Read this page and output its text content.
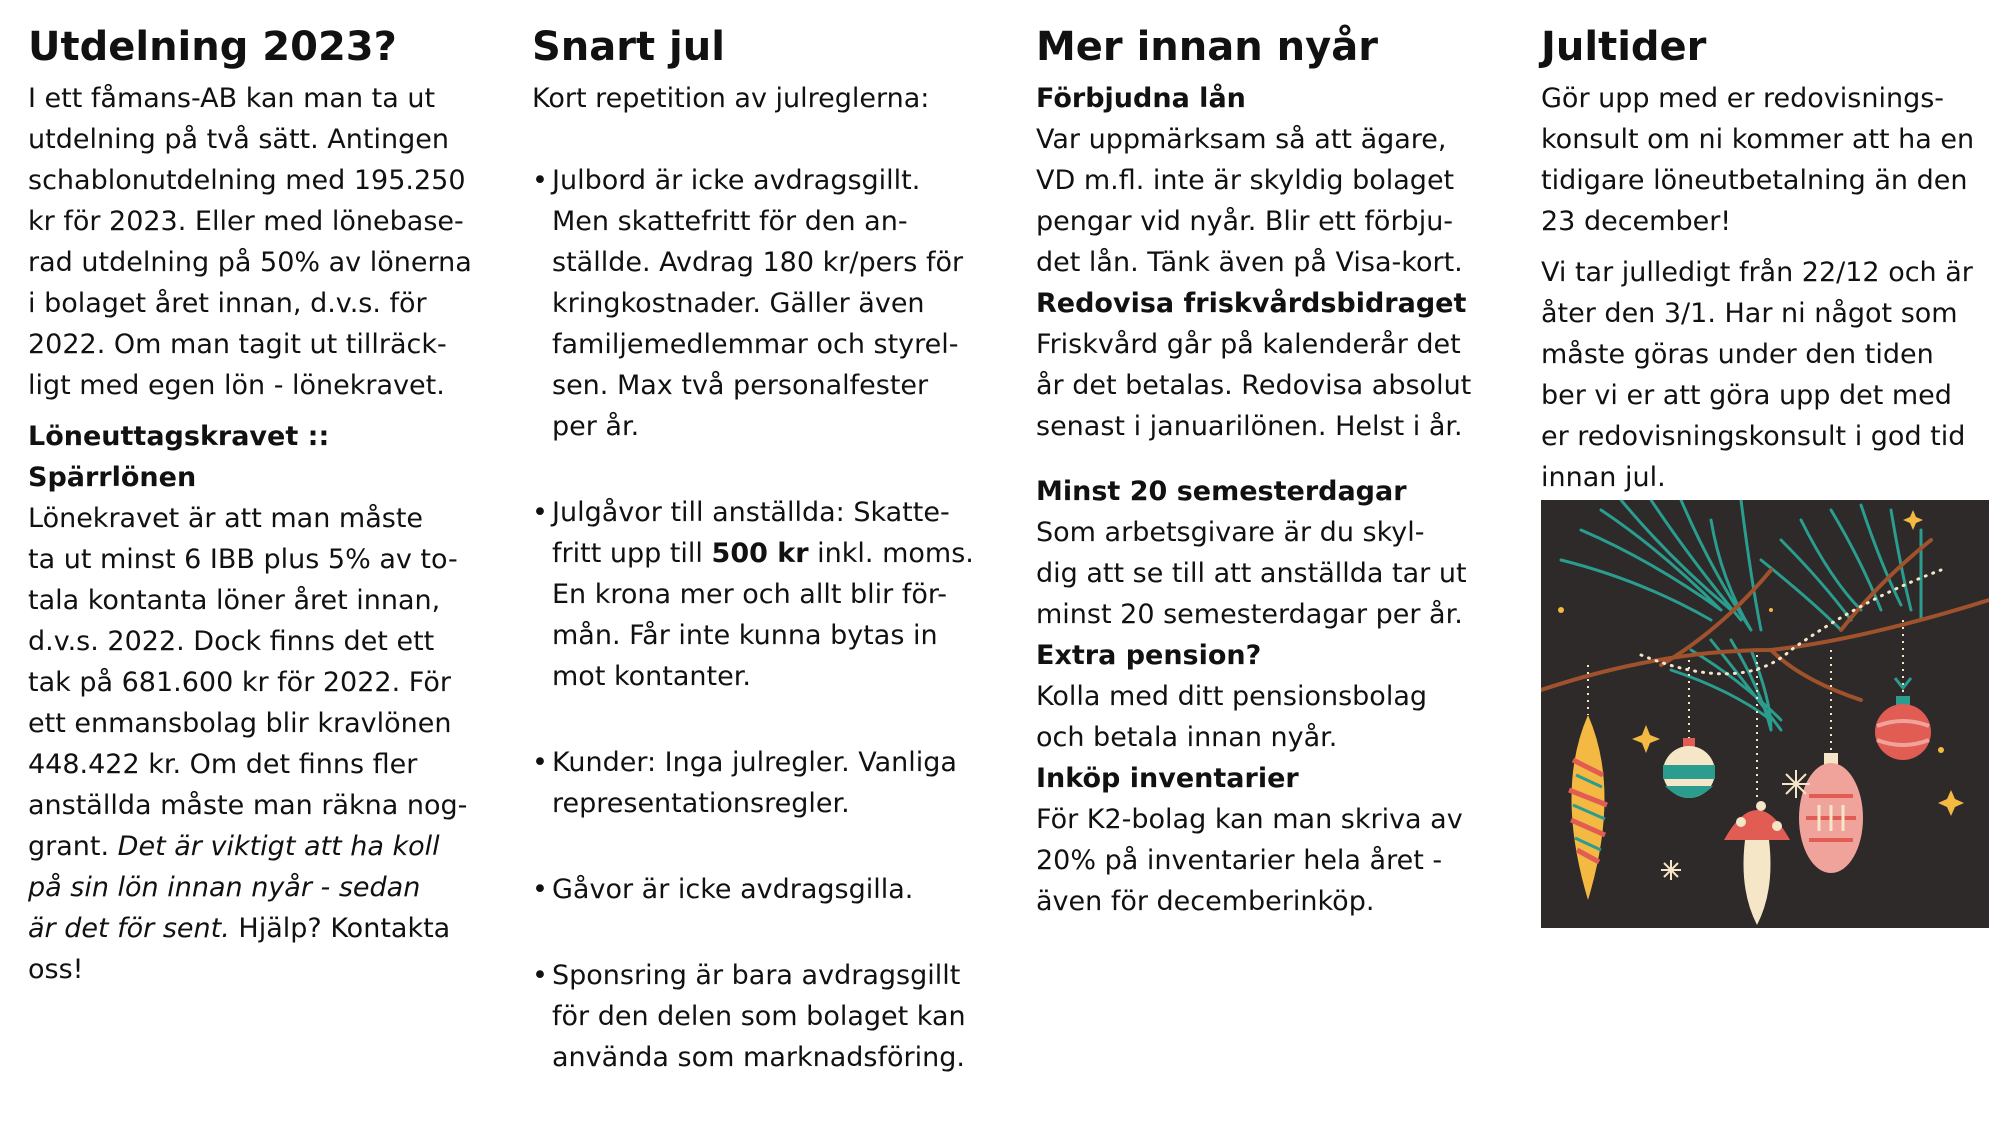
Utdelning 2023?

I ett fåmans-AB kan man ta ut
utdelning på två sätt. Antingen
schablonutdelning med 195.250
kr för 2023. Eller med lönebase-
rad utdelning på 50% av lönerna
i bolaget året innan, d.v.s. för
2022. Om man tagit ut tillräck-
ligt med egen lön - lönekravet.

Löneuttagskravet :: Spärrlönen

Lönekravet är att man måste
ta ut minst 6 IBB plus 5% av to-
tala kontanta löner året innan,
d.v.s. 2022. Dock finns det ett
tak på 681.600 kr för 2022. För
ett enmansbolag blir kravlönen
448.422 kr. Om det finns fler
anställda måste man räkna nog-
grant. Det är viktigt att ha koll
på sin lön innan nyår - sedan
är det för sent. Hjälp? Kontakta
oss!

Snart jul

Kort repetition av julreglerna:

• Julbord är icke avdragsgillt.
Men skattefritt för den an-
ställde. Avdrag 180 kr/pers för
kringkostnader. Gäller även
familjemedlemmar och styrel-
sen. Max två personalfester
per år.

• Julgåvor till anställda: Skatte-
fritt upp till 500 kr inkl. moms.
En krona mer och allt blir för-
mån. Får inte kunna bytas in
mot kontanter.

• Kunder: Inga julregler. Vanliga
representationsregler.

• Gåvor är icke avdragsgilla.

• Sponsring är bara avdragsgillt
för den delen som bolaget kan
använda som marknadsföring.

Mer innan nyår

Förbjudna lån

Var uppmärksam så att ägare,
VD m.fl. inte är skyldig bolaget
pengar vid nyår. Blir ett förbju-
det lån. Tänk även på Visa-kort.

Redovisa friskvårdsbidraget

Friskvård går på kalenderår det
år det betalas. Redovisa absolut
senast i januarilönen. Helst i år.

Minst 20 semesterdagar

Som arbetsgivare är du skyl-
dig att se till att anställda tar ut
minst 20 semesterdagar per år.

Extra pension?

Kolla med ditt pensionsbolag
och betala innan nyår.

Inköp inventarier

För K2-bolag kan man skriva av
20% på inventarier hela året -
även för decemberinköp.

Jultider

Gör upp med er redovisnings-
konsult om ni kommer att ha en
tidigare löneutbetalning än den
23 december!

Vi tar julledigt från 22/12 och är
åter den 3/1. Har ni något som
måste göras under den tiden
ber vi er att göra upp det med
er redovisningskonsult i god tid
innan jul.
